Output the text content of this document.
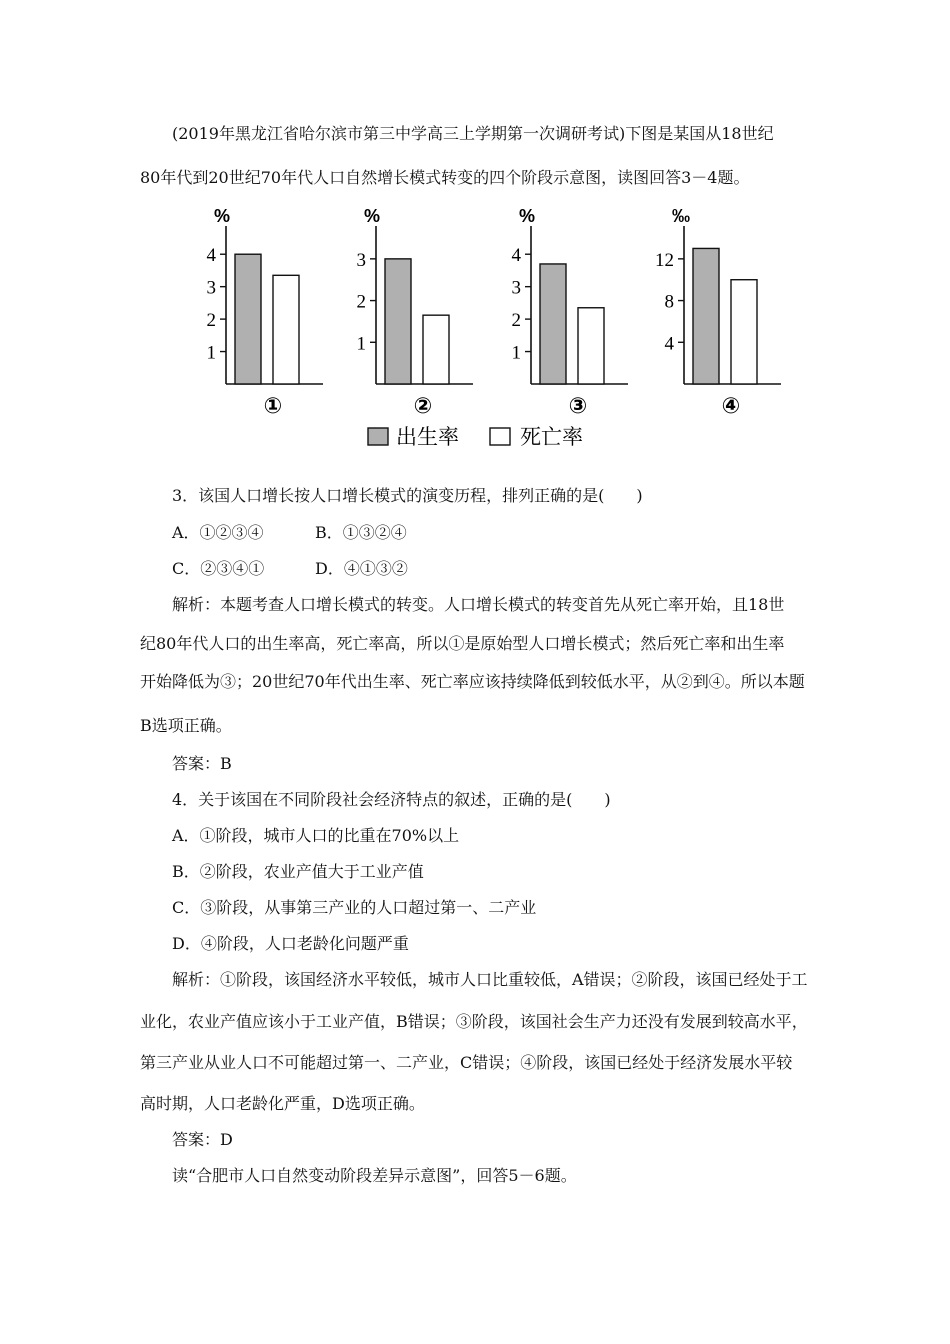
(2019年黑龙江省哈尔滨市第三中学高三上学期第一次调研考试)下图是某国从18世纪
80年代到20世纪70年代人口自然增长模式转变的四个阶段示意图，读图回答3－4题。
%
1
2
3
4
①
%
1
2
3
②
%
1
2
3
4
③
‰
4
8
12
④
出生率	死亡率
3．该国人口增长按人口增长模式的演变历程，排列正确的是(　　)
A．①②③④	B．①③②④
C．②③④①	D．④①③②
解析：本题考查人口增长模式的转变。人口增长模式的转变首先从死亡率开始，且18世
纪80年代人口的出生率高，死亡率高，所以①是原始型人口增长模式；然后死亡率和出生率
开始降低为③；20世纪70年代出生率、死亡率应该持续降低到较低水平，从②到④。所以本题
B选项正确。
答案：B
4．关于该国在不同阶段社会经济特点的叙述，正确的是(　　)
A．①阶段，城市人口的比重在70%以上
B．②阶段，农业产值大于工业产值
C．③阶段，从事第三产业的人口超过第一、二产业
D．④阶段，人口老龄化问题严重
解析：①阶段，该国经济水平较低，城市人口比重较低，A错误；②阶段，该国已经处于工
业化，农业产值应该小于工业产值，B错误；③阶段，该国社会生产力还没有发展到较高水平，
第三产业从业人口不可能超过第一、二产业，C错误；④阶段，该国已经处于经济发展水平较
高时期，人口老龄化严重，D选项正确。
答案：D
读“合肥市人口自然变动阶段差异示意图”，回答5－6题。
